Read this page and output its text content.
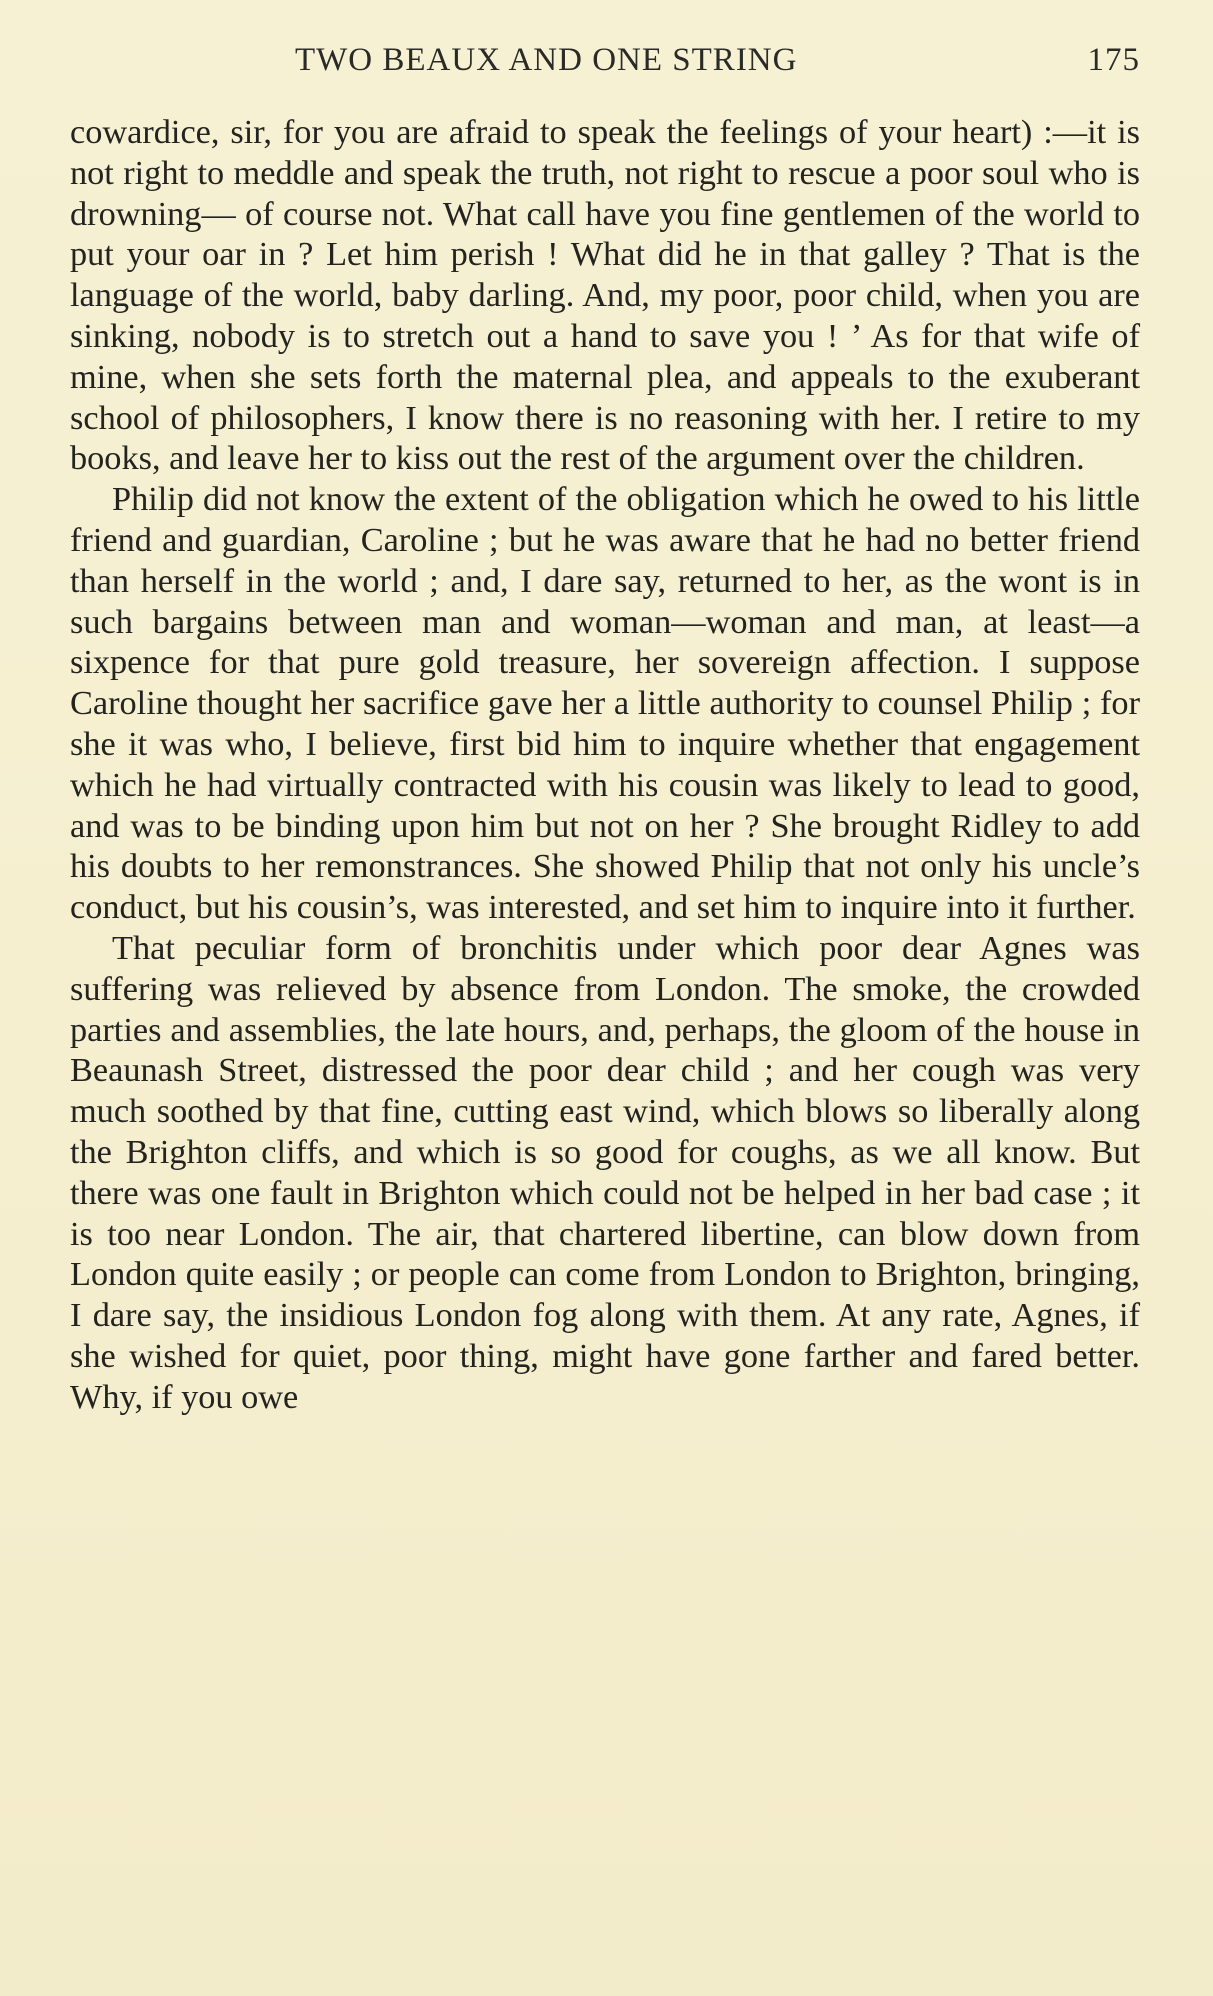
TWO BEAUX AND ONE STRING	175

cowardice, sir, for you are afraid to speak the feelings of your heart) :—it is not right to meddle and speak the truth, not right to rescue a poor soul who is drowning— of course not. What call have you fine gentlemen of the world to put your oar in ? Let him perish ! What did he in that galley ? That is the language of the world, baby darling. And, my poor, poor child, when you are sinking, nobody is to stretch out a hand to save you ! ’ As for that wife of mine, when she sets forth the maternal plea, and appeals to the exuberant school of philosophers, I know there is no reasoning with her. I retire to my books, and leave her to kiss out the rest of the argument over the children.

Philip did not know the extent of the obligation which he owed to his little friend and guardian, Caroline ; but he was aware that he had no better friend than herself in the world ; and, I dare say, returned to her, as the wont is in such bargains between man and woman—woman and man, at least—a sixpence for that pure gold treasure, her sovereign affection. I suppose Caroline thought her sacrifice gave her a little authority to counsel Philip ; for she it was who, I believe, first bid him to inquire whether that engagement which he had virtually contracted with his cousin was likely to lead to good, and was to be binding upon him but not on her ? She brought Ridley to add his doubts to her remonstrances. She showed Philip that not only his uncle’s conduct, but his cousin’s, was interested, and set him to inquire into it further.

That peculiar form of bronchitis under which poor dear Agnes was suffering was relieved by absence from London. The smoke, the crowded parties and assemblies, the late hours, and, perhaps, the gloom of the house in Beaunash Street, distressed the poor dear child ; and her cough was very much soothed by that fine, cutting east wind, which blows so liberally along the Brighton cliffs, and which is so good for coughs, as we all know. But there was one fault in Brighton which could not be helped in her bad case ; it is too near London. The air, that chartered libertine, can blow down from London quite easily ; or people can come from London to Brighton, bringing, I dare say, the insidious London fog along with them. At any rate, Agnes, if she wished for quiet, poor thing, might have gone farther and fared better. Why, if you owe
